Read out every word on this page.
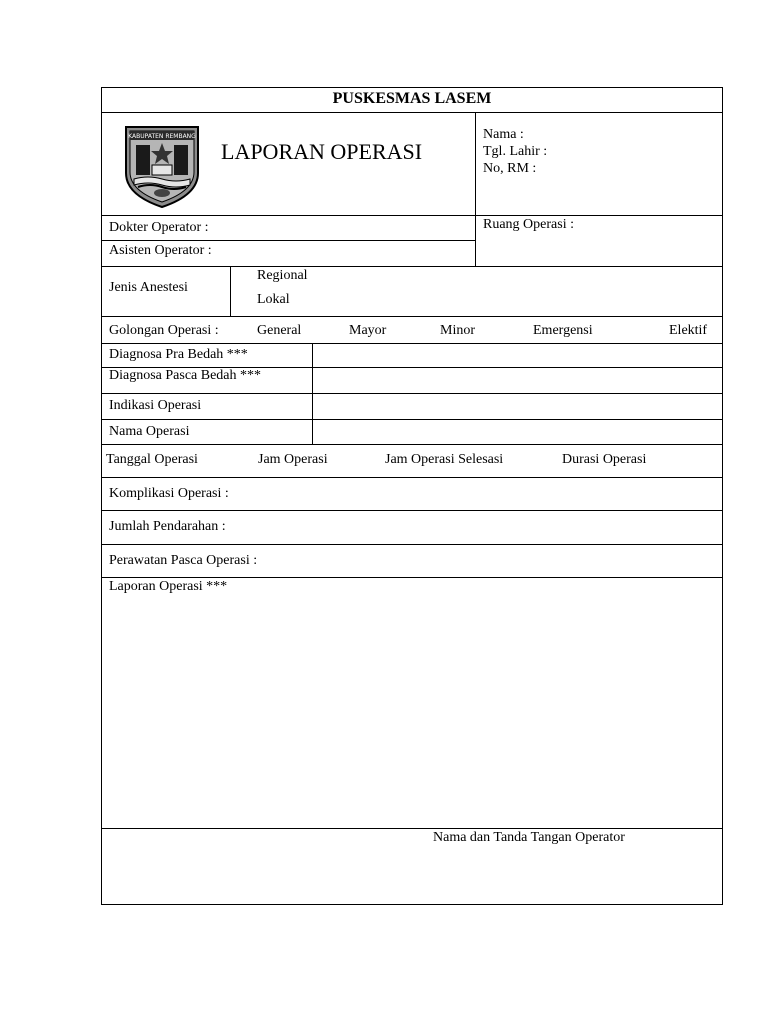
PUSKESMAS LASEM
KABUPATEN REMBANG
LAPORAN OPERASI
Nama :
Tgl. Lahir :
No, RM :
Dokter Operator :
Asisten Operator :
Ruang Operasi :
Jenis Anestesi
Regional
Lokal
Golongan Operasi :	General	Mayor	Minor	Emergensi	Elektif
Diagnosa Pra Bedah ***
Diagnosa Pasca Bedah ***
Indikasi Operasi
Nama Operasi
Tanggal Operasi	Jam Operasi	Jam Operasi Selesasi	Durasi Operasi
Komplikasi Operasi :
Jumlah Pendarahan :
Perawatan Pasca Operasi :
Laporan Operasi ***
Nama dan Tanda Tangan Operator
